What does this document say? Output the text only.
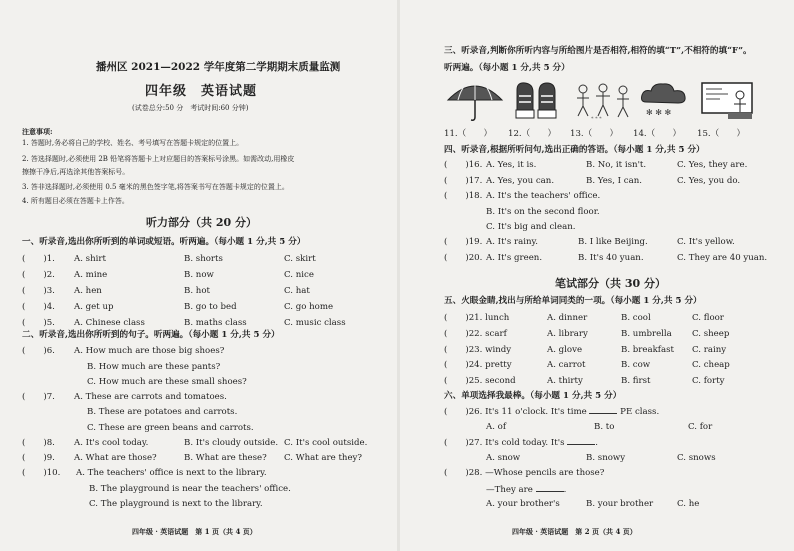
播州区 2021—2022 学年度第二学期期末质量监测
四年级　英语试题
(试卷总分:50 分　考试时间:60 分钟)
注意事项:
1. 答题时,务必将自己的学校、姓名、考号填写在答题卡规定的位置上。
2. 答选择题时,必须使用 2B 铅笔将答题卡上对应题目的答案标号涂黑。如需改动,用橡皮
擦擦干净后,再选涂其他答案标号。
3. 答非选择题时,必须使用 0.5 毫米的黑色签字笔,将答案书写在答题卡规定的位置上。
4. 所有题目必须在答题卡上作答。
听力部分（共 20 分）
一、听录音,选出你所听到的单词或短语。听两遍。（每小题 1 分,共 5 分）
( )1. A. shirt	B. shorts	C. skirt
( )2. A. mine	B. now	C. nice
( )3. A. hen	B. hot	C. hat
( )4. A. get up	B. go to bed	C. go home
( )5. A. Chinese class	B. maths class	C. music class
二、听录音,选出你所听到的句子。听两遍。（每小题 1 分,共 5 分）
( )6. A. How much are those big shoes?
B. How much are these pants?
C. How much are these small shoes?
( )7. A. These are carrots and tomatoes.
B. These are potatoes and carrots.
C. These are green beans and carrots.
( )8. A. It's cool today.	B. It's cloudy outside. C. It's cool outside.
( )9. A. What are those?	B. What are these? C. What are they?
( )10. A. The teachers' office is next to the library.
B. The playground is near the teachers' office.
C. The playground is next to the library.
四年级 · 英语试题　第 1 页（共 4 页）
三、听录音,判断你所听内容与所给图片是否相符,相符的填“T”,不相符的填“F”。
听两遍。（每小题 1 分,共 5 分）
* * *
✻ ✻ ✻
11.（　　） 12.（　　） 13.（　　） 14.（　　） 15.（　　）
四、听录音,根据所听问句,选出正确的答语。（每小题 1 分,共 5 分）
( )16. A. Yes, it is.	B. No, it isn't.	C. Yes, they are.
( )17. A. Yes, you can.	B. Yes, I can.	C. Yes, you do.
( )18. A. It's the teachers' office.
B. It's on the second floor.
C. It's big and clean.
( )19. A. It's rainy.	B. I like Beijing.	C. It's yellow.
( )20. A. It's green.	B. It's 40 yuan.	C. They are 40 yuan.
笔试部分（共 30 分）
五、火眼金睛,找出与所给单词同类的一项。（每小题 1 分,共 5 分）
( )21. lunch	A. dinner	B. cool	C. floor
( )22. scarf	A. library	B. umbrella C. sheep
( )23. windy	A. glove	B. breakfast C. rainy
( )24. pretty	A. carrot	B. cow	C. cheap
( )25. second	A. thirty	B. first	C. forty
六、单项选择我最棒。（每小题 1 分,共 5 分）
( )26. It's 11 o'clock. It's time	PE class.
A. of	B. to	C. for
( )27. It's cold today. It's	.
A. snow	B. snowy	C. snows
( )28. —Whose pencils are those?
—They are	.
A. your brother's	B. your brother	C. he
四年级 · 英语试题　第 2 页（共 4 页）
